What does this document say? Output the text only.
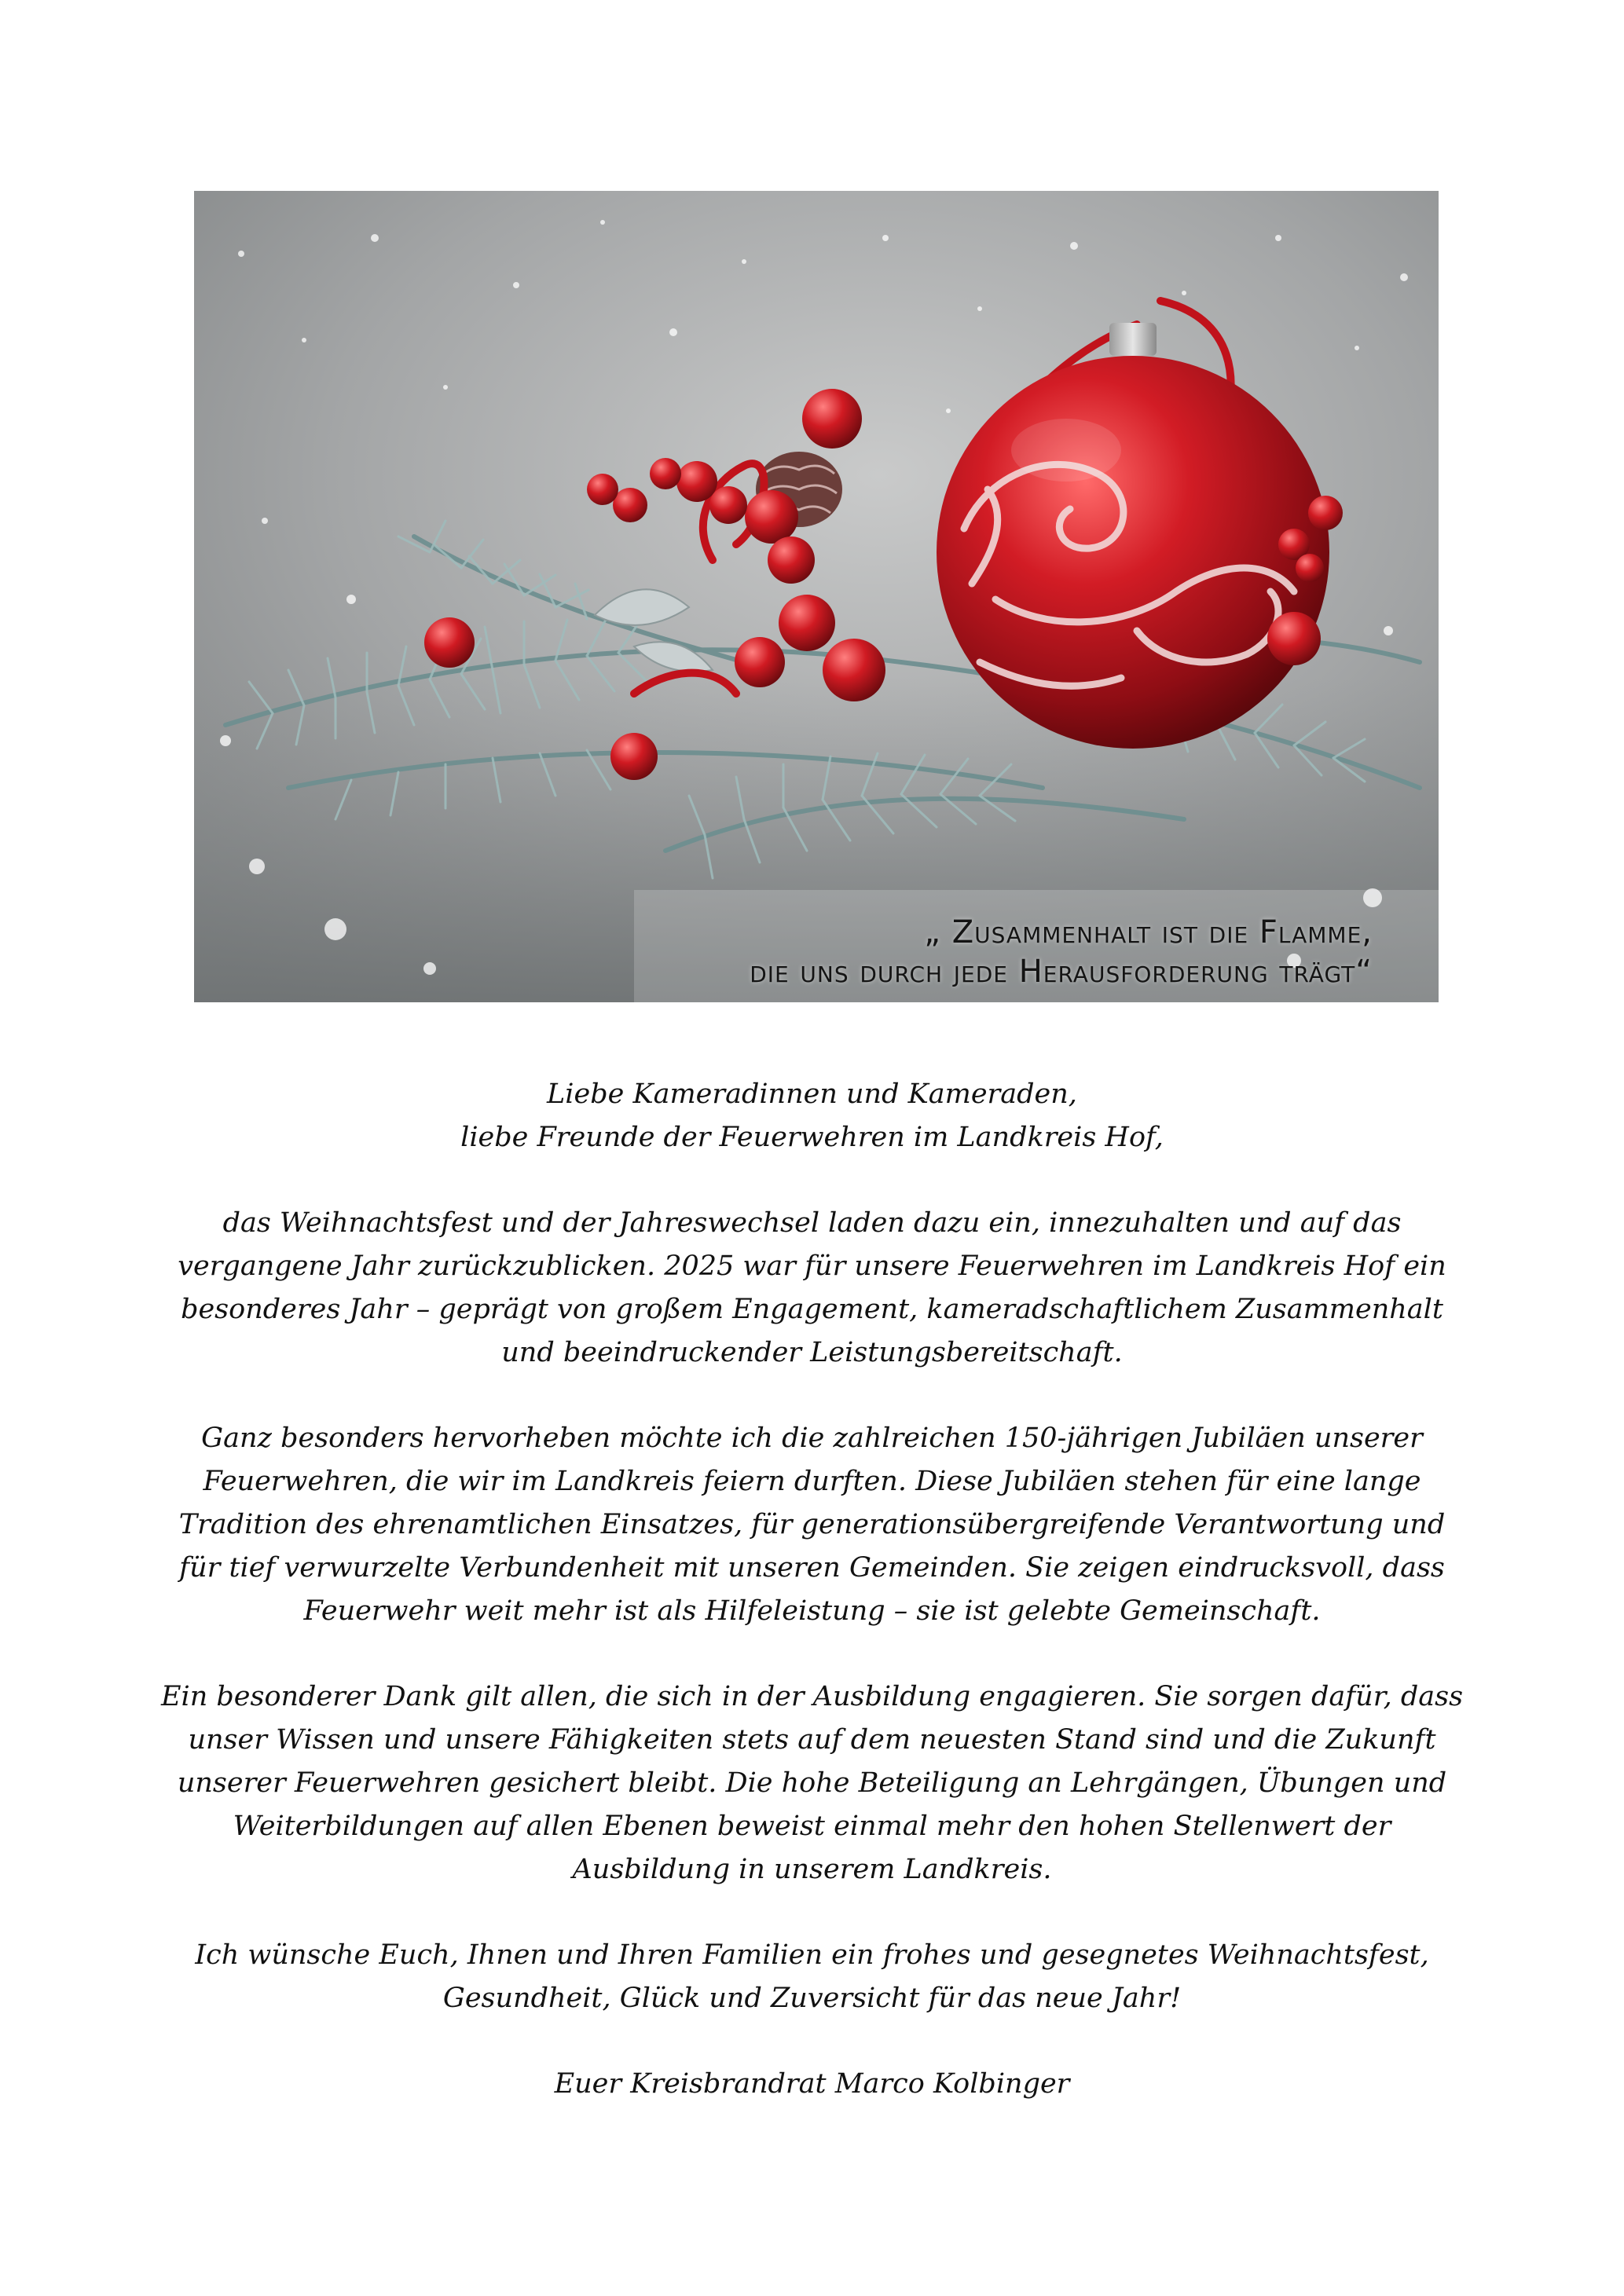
„ Zusammenhalt ist die Flamme,
die uns durch jede Herausforderung trägt“
Liebe Kameradinnen und Kameraden,
liebe Freunde der Feuerwehren im Landkreis Hof,
das Weihnachtsfest und der Jahreswechsel laden dazu ein, innezuhalten und auf das
vergangene Jahr zurückzublicken. 2025 war für unsere Feuerwehren im Landkreis Hof ein
besonderes Jahr – geprägt von großem Engagement, kameradschaftlichem Zusammenhalt
und beeindruckender Leistungsbereitschaft.
Ganz besonders hervorheben möchte ich die zahlreichen 150-jährigen Jubiläen unserer
Feuerwehren, die wir im Landkreis feiern durften. Diese Jubiläen stehen für eine lange
Tradition des ehrenamtlichen Einsatzes, für generationsübergreifende Verantwortung und
für tief verwurzelte Verbundenheit mit unseren Gemeinden. Sie zeigen eindrucksvoll, dass
Feuerwehr weit mehr ist als Hilfeleistung – sie ist gelebte Gemeinschaft.
Ein besonderer Dank gilt allen, die sich in der Ausbildung engagieren. Sie sorgen dafür, dass
unser Wissen und unsere Fähigkeiten stets auf dem neuesten Stand sind und die Zukunft
unserer Feuerwehren gesichert bleibt. Die hohe Beteiligung an Lehrgängen, Übungen und
Weiterbildungen auf allen Ebenen beweist einmal mehr den hohen Stellenwert der
Ausbildung in unserem Landkreis.
Ich wünsche Euch, Ihnen und Ihren Familien ein frohes und gesegnetes Weihnachtsfest,
Gesundheit, Glück und Zuversicht für das neue Jahr!
Euer Kreisbrandrat Marco Kolbinger
